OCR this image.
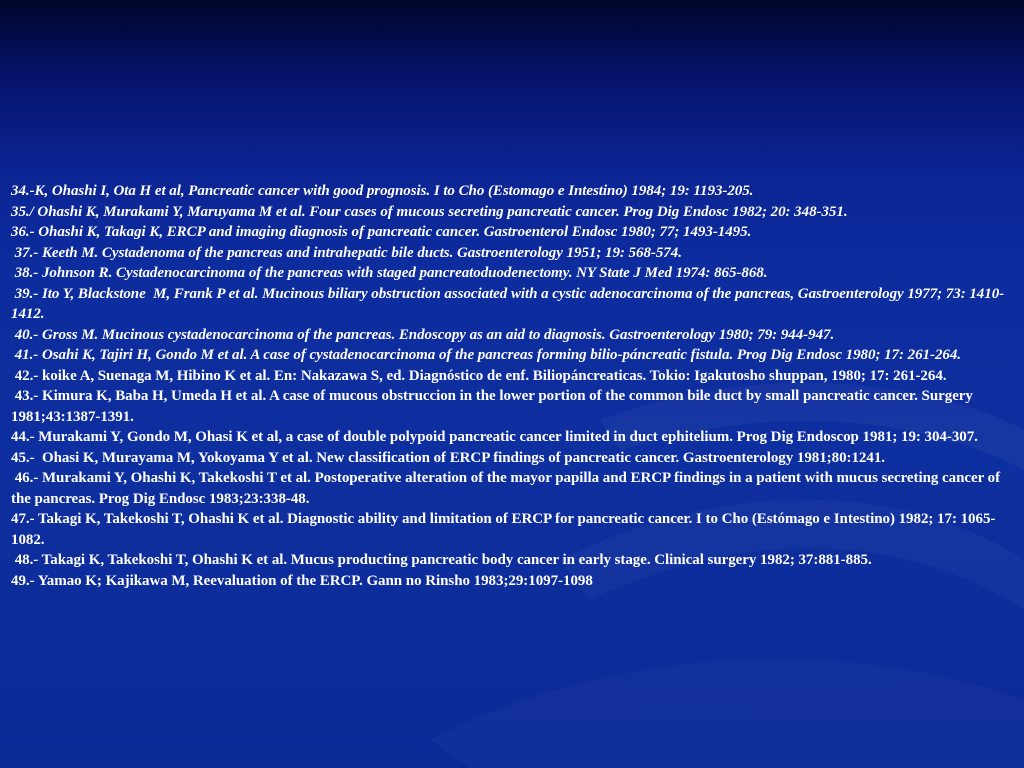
34.-K, Ohashi I, Ota H et al, Pancreatic cancer with good prognosis. I to Cho (Estomago e Intestino) 1984; 19: 1193-205.

35./ Ohashi K, Murakami Y, Maruyama M et al. Four cases of mucous secreting pancreatic cancer. Prog Dig Endosc 1982; 20: 348-351.

36.- Ohashi K, Takagi K, ERCP and imaging diagnosis of pancreatic cancer. Gastroenterol Endosc 1980; 77; 1493-1495.

37.- Keeth M. Cystadenoma of the pancreas and intrahepatic bile ducts. Gastroenterology 1951; 19: 568-574.

38.- Johnson R. Cystadenocarcinoma of the pancreas with staged pancreatoduodenectomy. NY State J Med 1974: 865-868.

39.- Ito Y, Blackstone  M, Frank P et al. Mucinous biliary obstruction associated with a cystic adenocarcinoma of the pancreas, Gastroenterology 1977; 73: 1410-1412.

40.- Gross M. Mucinous cystadenocarcinoma of the pancreas. Endoscopy as an aid to diagnosis. Gastroenterology 1980; 79: 944-947.

41.- Osahi K, Tajiri H, Gondo M et al. A case of cystadenocarcinoma of the pancreas forming bilio-páncreatic fistula. Prog Dig Endosc 1980; 17: 261-264.

42.- koike A, Suenaga M, Hibino K et al. En: Nakazawa S, ed. Diagnóstico de enf. Biliopáncreaticas. Tokio: Igakutosho shuppan, 1980; 17: 261-264.

43.- Kimura K, Baba H, Umeda H et al. A case of mucous obstruccion in the lower portion of the common bile duct by small pancreatic cancer. Surgery 1981;43:1387-1391.

44.- Murakami Y, Gondo M, Ohasi K et al, a case of double polypoid pancreatic cancer limited in duct ephitelium. Prog Dig Endoscop 1981; 19: 304-307.

45.-  Ohasi K, Murayama M, Yokoyama Y et al. New classification of ERCP findings of pancreatic cancer. Gastroenterology 1981;80:1241.

46.- Murakami Y, Ohashi K, Takekoshi T et al. Postoperative alteration of the mayor papilla and ERCP findings in a patient with mucus secreting cancer of the pancreas. Prog Dig Endosc 1983;23:338-48.

47.- Takagi K, Takekoshi T, Ohashi K et al. Diagnostic ability and limitation of ERCP for pancreatic cancer. I to Cho (Estómago e Intestino) 1982; 17: 1065-1082.

48.- Takagi K, Takekoshi T, Ohashi K et al. Mucus producting pancreatic body cancer in early stage. Clinical surgery 1982; 37:881-885.

49.- Yamao K; Kajikawa M, Reevaluation of the ERCP. Gann no Rinsho 1983;29:1097-1098
